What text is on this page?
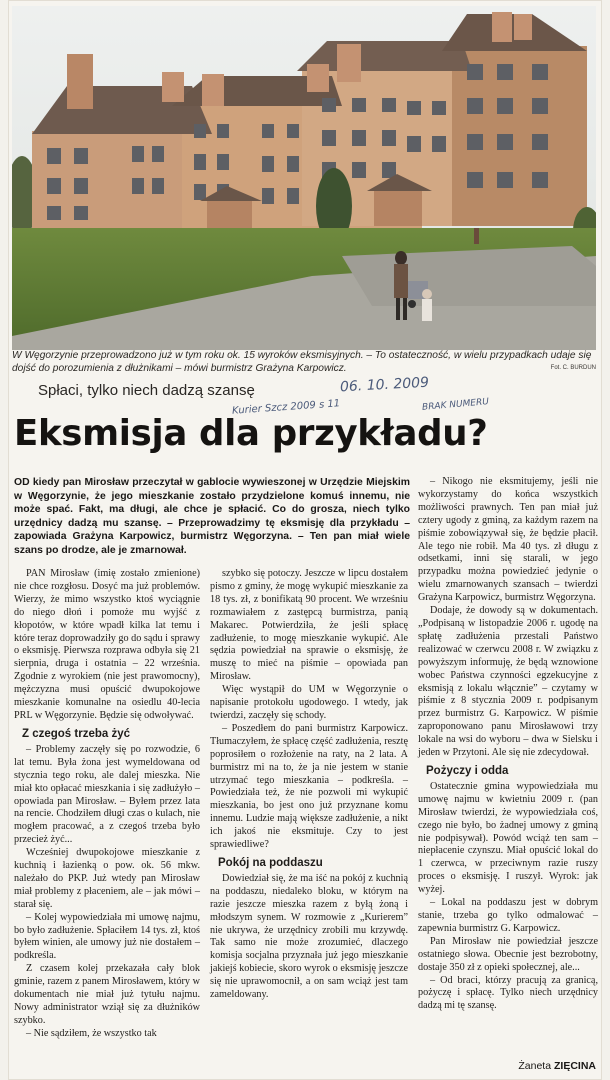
W Węgorzynie przeprowadzono już w tym roku ok. 15 wyroków eksmisyjnych. – To ostateczność, w wielu przypadkach udaje się dojść do porozumienia z dłużnikami – mówi burmistrz Grażyna Karpowicz.	Fot. C. BURDUN
06. 10. 2009
Kurier Szcz 2009 s 11	BRAK NUMERU
Spłaci, tylko niech dadzą szansę
Eksmisja dla przykładu?
OD kiedy pan Mirosław przeczytał w gablocie wywieszonej w Urzędzie Miejskim w Węgorzynie, że jego mieszkanie zostało przydzielone komuś innemu, nie może spać. Fakt, ma długi, ale chce je spłacić. Co do grosza, niech tylko urzędnicy dadzą mu szansę. – Przeprowadzimy tę eksmisję dla przykładu – zapowiada Grażyna Karpowicz, burmistrz Węgorzyna. – Ten pan miał wiele szans po drodze, ale je zmarnował.

PAN Mirosław (imię zostało zmienione) nie chce rozgłosu. Dosyć ma już problemów. Wierzy, że mimo wszystko ktoś wyciągnie do niego dłoń i pomoże mu wyjść z kłopotów, w które wpadł kilka lat temu i które teraz doprowadziły go do sądu i sprawy o eksmisję. Pierwsza rozprawa odbyła się 21 sierpnia, druga i ostatnia – 22 września. Zgodnie z wyrokiem (nie jest prawomocny), mężczyzna musi opuścić dwupokojowe mieszkanie komunalne na osiedlu 40-lecia PRL w Węgorzynie. Będzie się odwoływać.

Z czegoś trzeba żyć

– Problemy zaczęły się po rozwodzie, 6 lat temu. Była żona jest wymeldowana od stycznia tego roku, ale dalej mieszka. Nie miał kto opłacać mieszkania i się zadłużyło – opowiada pan Mirosław. – Byłem przez lata na rencie. Chodziłem długi czas o kulach, nie mogłem pracować, a z czegoś trzeba było przecież żyć...

Wcześniej dwupokojowe mieszkanie z kuchnią i łazienką o pow. ok. 56 mkw. należało do PKP. Już wtedy pan Mirosław miał problemy z płaceniem, ale – jak mówi – starał się.

– Kolej wypowiedziała mi umowę najmu, bo było zadłużenie. Spłaciłem 14 tys. zł, ktoś byłem winien, ale umowy już nie dostałem – podkreśla.

Z czasem kolej przekazała cały blok gminie, razem z panem Mirosławem, który w dokumentach nie miał już tytułu najmu. Nowy administrator wziął się za dłużników szybko.

– Nie sądziłem, że wszystko tak

szybko się potoczy. Jeszcze w lipcu dostałem pismo z gminy, że mogę wykupić mieszkanie za 18 tys. zł, z bonifikatą 90 procent. We wrześniu rozmawiałem z zastępcą burmistrza, panią Makarec. Potwierdziła, że jeśli spłacę zadłużenie, to mogę mieszkanie wykupić. Ale sędzia powiedział na sprawie o eksmisję, że muszę to mieć na piśmie – opowiada pan Mirosław.

Więc wystąpił do UM w Węgorzynie o napisanie protokołu ugodowego. I wtedy, jak twierdzi, zaczęły się schody.

– Poszedłem do pani burmistrz Karpowicz. Tłumaczyłem, że spłacę część zadłużenia, resztę poprosiłem o rozłożenie na raty, na 2 lata. A burmistrz mi na to, że ja nie jestem w stanie utrzymać tego mieszkania – podkreśla. – Powiedziała też, że nie pozwoli mi wykupić mieszkania, bo jest ono już przyznane komu innemu. Ludzie mają większe zadłużenie, a nikt ich jakoś nie eksmituje. Czy to jest sprawiedliwe?

Pokój na poddaszu

Dowiedział się, że ma iść na pokój z kuchnią na poddaszu, niedaleko bloku, w którym na razie jeszcze mieszka razem z byłą żoną i młodszym synem. W rozmowie z „Kurierem” nie ukrywa, że urzędnicy zrobili mu krzywdę. Tak samo nie może zrozumieć, dlaczego komisja socjalna przyznała już jego mieszkanie jakiejś kobiecie, skoro wyrok o eksmisję jeszcze się nie uprawomocnił, a on sam wciąż jest tam zameldowany.

– Nikogo nie eksmitujemy, jeśli nie wykorzystamy do końca wszystkich możliwości prawnych. Ten pan miał już cztery ugody z gminą, za każdym razem na piśmie zobowiązywał się, że będzie płacił. Ale tego nie robił. Ma 40 tys. zł długu z odsetkami, inni się starali, w jego przypadku można powiedzieć jedynie o wielu zmarnowanych szansach – twierdzi Grażyna Karpowicz, burmistrz Węgorzyna.

Dodaje, że dowody są w dokumentach. „Podpisaną w listopadzie 2006 r. ugodę na spłatę zadłużenia przestali Państwo realizować w czerwcu 2008 r. W związku z powyższym informuję, że będą wznowione wobec Państwa czynności egzekucyjne z eksmisją z lokalu włącznie” – czytamy w piśmie z 8 stycznia 2009 r. podpisanym przez burmistrz G. Karpowicz. W piśmie zaproponowano panu Mirosławowi trzy lokale na wsi do wyboru – dwa w Sielsku i jeden w Przytoni. Ale się nie zdecydował.

Pożyczy i odda

Ostatecznie gmina wypowiedziała mu umowę najmu w kwietniu 2009 r. (pan Mirosław twierdzi, że wypowiedziała coś, czego nie było, bo żadnej umowy z gminą nie podpisywał). Powód wciąż ten sam – niepłacenie czynszu. Miał opuścić lokal do 1 czerwca, w przeciwnym razie ruszy proces o eksmisję. I ruszył. Wyrok: jak wyżej.

– Lokal na poddaszu jest w dobrym stanie, trzeba go tylko odmalować – zapewnia burmistrz G. Karpowicz.

Pan Mirosław nie powiedział jeszcze ostatniego słowa. Obecnie jest bezrobotny, dostaje 350 zł z opieki społecznej, ale...

– Od braci, którzy pracują za granicą, pożyczę i spłacę. Tylko niech urzędnicy dadzą mi tę szansę.

Żaneta ZIĘCINA
